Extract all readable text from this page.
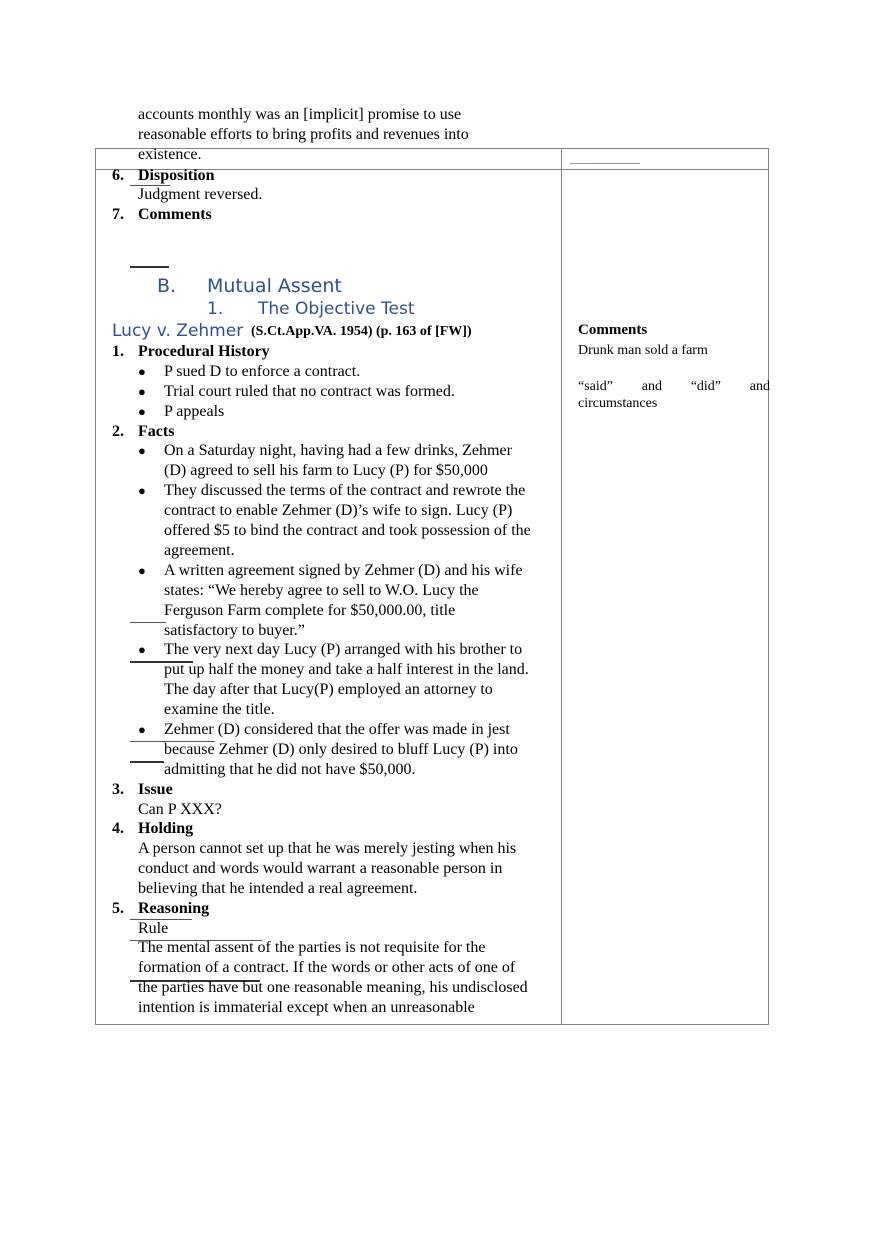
accounts monthly was an [implicit] promise to use
reasonable efforts to bring profits and revenues into
existence.	__________
6. Disposition
Judgment reversed.
7. Comments
B. Mutual Assent
1. The Objective Test
Lucy v. Zehmer (S.Ct.App.VA. 1954) (p. 163 of [FW])
1. Procedural History
● P sued D to enforce a contract.
● Trial court ruled that no contract was formed.
● P appeals
2. Facts
● On a Saturday night, having had a few drinks, Zehmer
(D) agreed to sell his farm to Lucy (P) for $50,000
● They discussed the terms of the contract and rewrote the
contract to enable Zehmer (D)’s wife to sign. Lucy (P)
offered $5 to bind the contract and took possession of the
agreement.
● A written agreement signed by Zehmer (D) and his wife
states: “We hereby agree to sell to W.O. Lucy the
Ferguson Farm complete for $50,000.00, title
satisfactory to buyer.”
● The very next day Lucy (P) arranged with his brother to
put up half the money and take a half interest in the land.
The day after that Lucy(P) employed an attorney to
examine the title.
● Zehmer (D) considered that the offer was made in jest
because Zehmer (D) only desired to bluff Lucy (P) into
admitting that he did not have $50,000.
3. Issue
Can P XXX?
4. Holding
A person cannot set up that he was merely jesting when his
conduct and words would warrant a reasonable person in
believing that he intended a real agreement.
5. Reasoning
Rule
The mental assent of the parties is not requisite for the
formation of a contract. If the words or other acts of one of
the parties have but one reasonable meaning, his undisclosed
intention is immaterial except when an unreasonable
Comments
Drunk man sold a farm
“said” and “did” and
circumstances
